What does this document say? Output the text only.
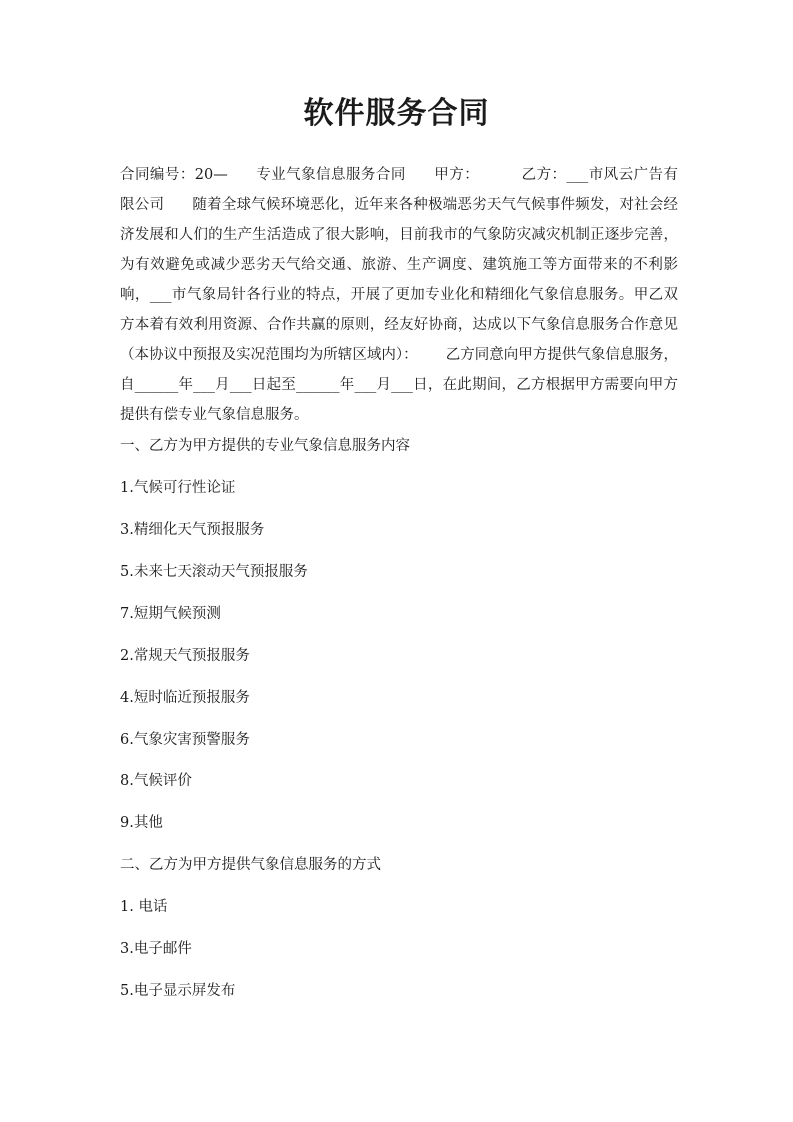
软件服务合同

合同编号：20— 专业气象信息服务合同 甲方：	乙方：___市风云广告有限公司 随着全球气候环境恶化，近年来各种极端恶劣天气气候事件频发，对社会经济发展和人们的生产生活造成了很大影响，目前我市的气象防灾减灾机制正逐步完善，为有效避免或减少恶劣天气给交通、旅游、生产调度、建筑施工等方面带来的不利影响，___市气象局针各行业的特点，开展了更加专业化和精细化气象信息服务。甲乙双方本着有效利用资源、合作共赢的原则，经友好协商，达成以下气象信息服务合作意见（本协议中预报及实况范围均为所辖区域内）： 乙方同意向甲方提供气象信息服务，自______年___月___日起至______年___月___日，在此期间，乙方根据甲方需要向甲方提供有偿专业气象信息服务。

一、乙方为甲方提供的专业气象信息服务内容
1.气候可行性论证
3.精细化天气预报服务
5.未来七天滚动天气预报服务
7.短期气候预测
2.常规天气预报服务
4.短时临近预报服务
6.气象灾害预警服务
8.气候评价
9.其他
二、乙方为甲方提供气象信息服务的方式
1. 电话
3.电子邮件
5.电子显示屏发布
